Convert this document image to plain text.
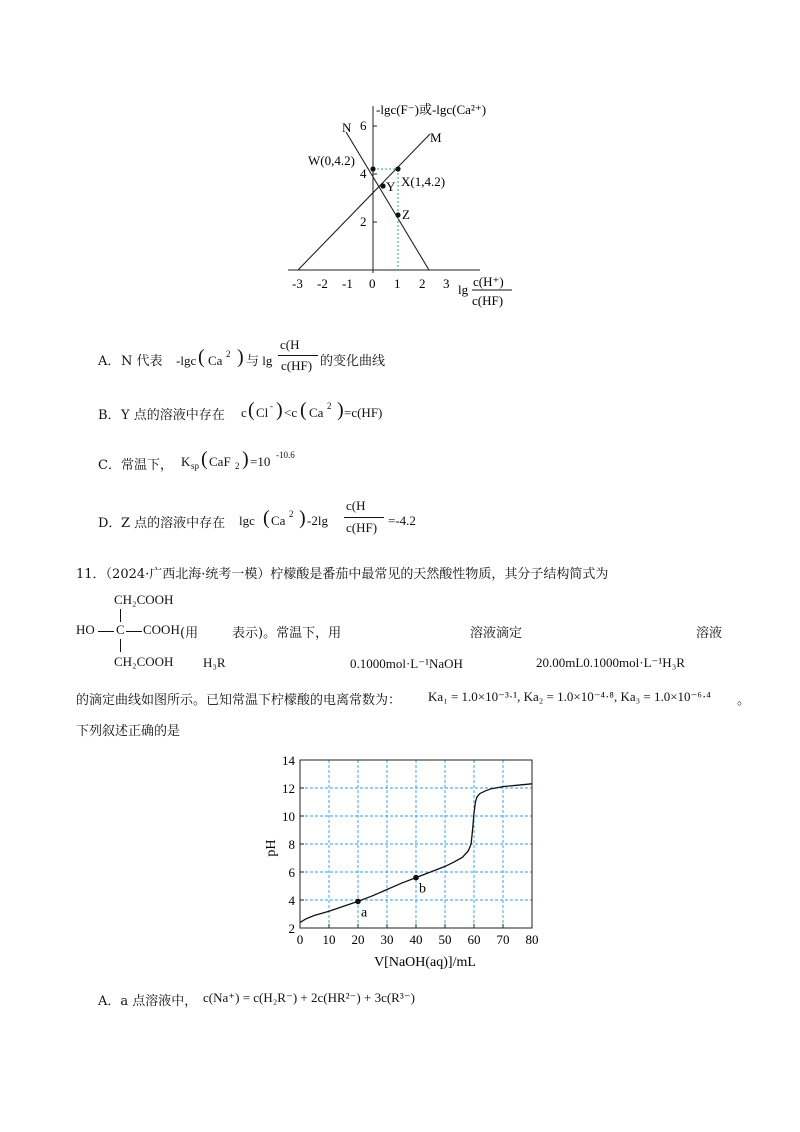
-lgc(F⁻)或-lgc(Ca²⁺)
N
M
W(0,4.2)
X(1,4.2)
Y
Z
6
4
2
-3 -2 -1 0 1 2 3 lg
c(H⁺)
c(HF)
A． N 代表 -lgc ( Ca 2 ) 与 lg
c(H
c(HF) 的变化曲线
B． Y 点的溶液中存在 c ( Cl - ) <c ( Ca 2 ) =c(HF)
C． 常温下， K sp ( CaF 2 ) =10 -10.6
D． Z 点的溶液中存在 lgc ( Ca 2 ) -2lg
c(H
c(HF) =-4.2
11．（2024·广西北海·统考一模）柠檬酸是番茄中最常见的天然酸性物质，其分子结构简式为
CH₂COOH
HO C COOH
CH₂COOH
(用
H₃R
表示)。常温下，用
0.1000mol·L⁻¹NaOH
溶液滴定
20.00mL0.1000mol·L⁻¹H₃R
溶液
的滴定曲线如图所示。已知常温下柠檬酸的电离常数为： Ka₁ = 1.0×10⁻³·¹, Ka₂ = 1.0×10⁻⁴·⁸, Ka₃ = 1.0×10⁻⁶·⁴ 。
下列叙述正确的是
0 10 20 30 40 50 60 70 80
2
4
6
8
10
12
14
a
b
pH
V[NaOH(aq)]/mL
A．a 点溶液中， c(Na⁺) = c(H₂R⁻) + 2c(HR²⁻) + 3c(R³⁻)
